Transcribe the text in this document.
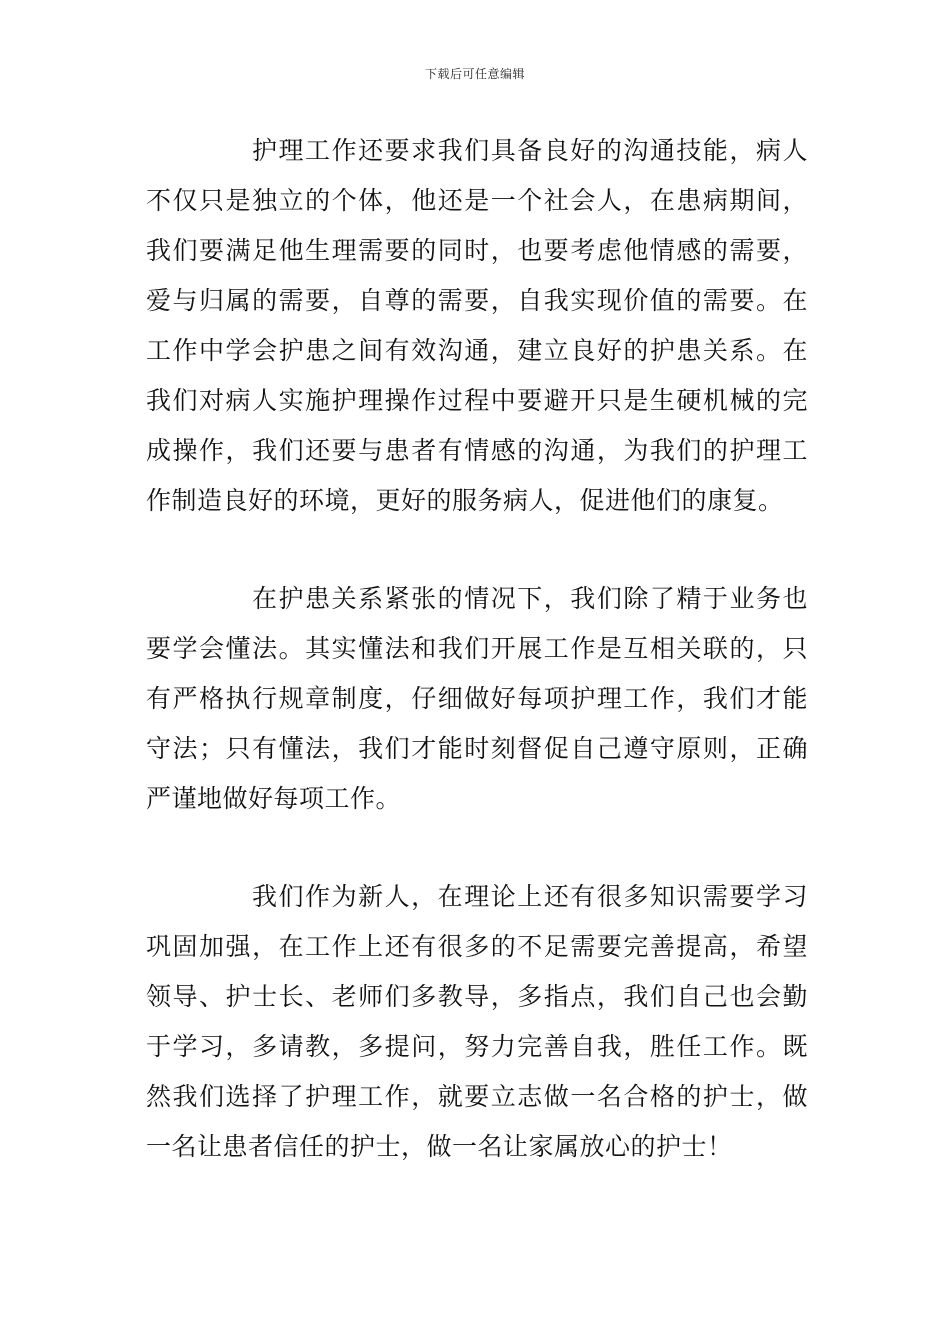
下载后可任意编辑
护理工作还要求我们具备良好的沟通技能，病人
不仅只是独立的个体，他还是一个社会人，在患病期间，
我们要满足他生理需要的同时，也要考虑他情感的需要，
爱与归属的需要，自尊的需要，自我实现价值的需要。在
工作中学会护患之间有效沟通，建立良好的护患关系。在
我们对病人实施护理操作过程中要避开只是生硬机械的完
成操作，我们还要与患者有情感的沟通，为我们的护理工
作制造良好的环境，更好的服务病人，促进他们的康复。
在护患关系紧张的情况下，我们除了精于业务也
要学会懂法。其实懂法和我们开展工作是互相关联的，只
有严格执行规章制度，仔细做好每项护理工作，我们才能
守法；只有懂法，我们才能时刻督促自己遵守原则，正确
严谨地做好每项工作。
我们作为新人，在理论上还有很多知识需要学习
巩固加强，在工作上还有很多的不足需要完善提高，希望
领导、护士长、老师们多教导，多指点，我们自己也会勤
于学习，多请教，多提问，努力完善自我，胜任工作。既
然我们选择了护理工作，就要立志做一名合格的护士，做
一名让患者信任的护士，做一名让家属放心的护士！
